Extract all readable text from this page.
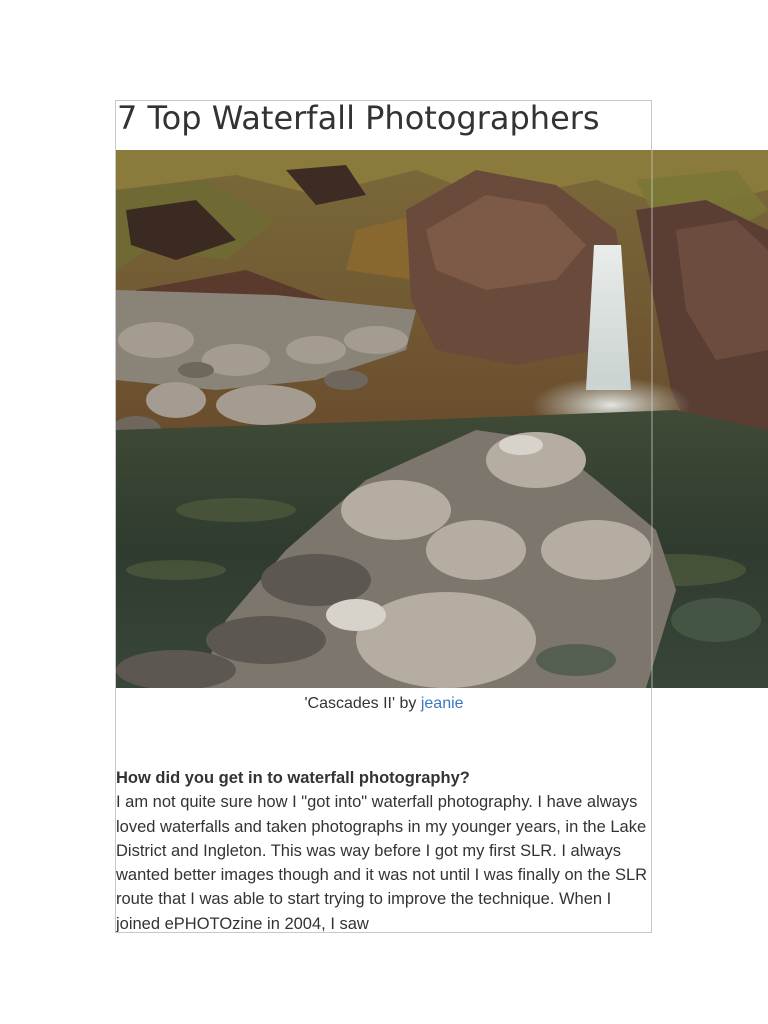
7 Top Waterfall Photographers
'Cascades II' by jeanie

How did you get in to waterfall photography?

I am not quite sure how I "got into" waterfall photography. I have always loved waterfalls and taken photographs in my younger years, in the Lake District and Ingleton. This was way before I got my first SLR. I always wanted better images though and it was not until I was finally on the SLR route that I was able to start trying to improve the technique. When I joined ePHOTOzine in 2004, I saw
